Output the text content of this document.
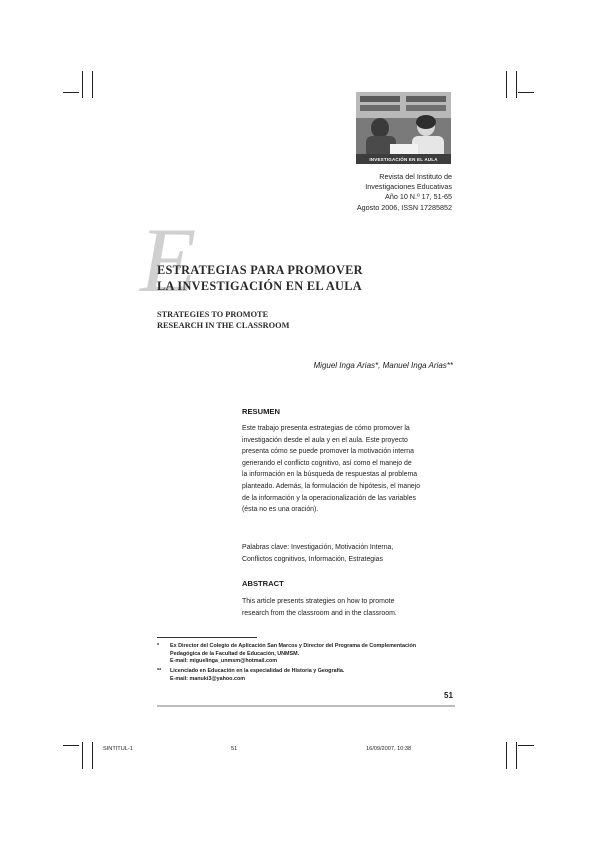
INVESTIGACIÓN EN EL AULA
Revista del Instituto de
Investigaciones Educativas
Año 10 N.º 17, 51-65
Agosto 2006, ISSN 17285852
E
ESTRATEGIAS PARA PROMOVER
LA INVESTIGACIÓN EN EL AULA
STRATEGIES TO PROMOTE
RESEARCH IN THE CLASSROOM
Miguel Inga Arias*, Manuel Inga Arias**
RESUMEN
Este trabajo presenta estrategias de cómo promover la
investigación desde el aula y en el aula. Este proyecto
presenta cómo se puede promover la motivación interna
generando el conflicto cognitivo, así como el manejo de
la información en la búsqueda de respuestas al problema
planteado. Además, la formulación de hipótesis, el manejo
de la información y la operacionalización de las variables
(ésta no es una oración).
Palabras clave: Investigación, Motivación Interna,
Conflictos cognitivos, Información, Estrategias
ABSTRACT
This article presents strategies on how to promote
research from the classroom and in the classroom.
* Ex Director del Colegio de Aplicación San Marcos y Director del Programa de Complementación
Pedagógica de la Facultad de Educación, UNMSM.
E-mail: miguelinga_unmsm@hotmail.com
** Licenciado en Educación en la especialidad de Historia y Geografía.
E-mail: manuki3@yahoo.com
51
SINTITUL-1	51	16/09/2007, 10:38
